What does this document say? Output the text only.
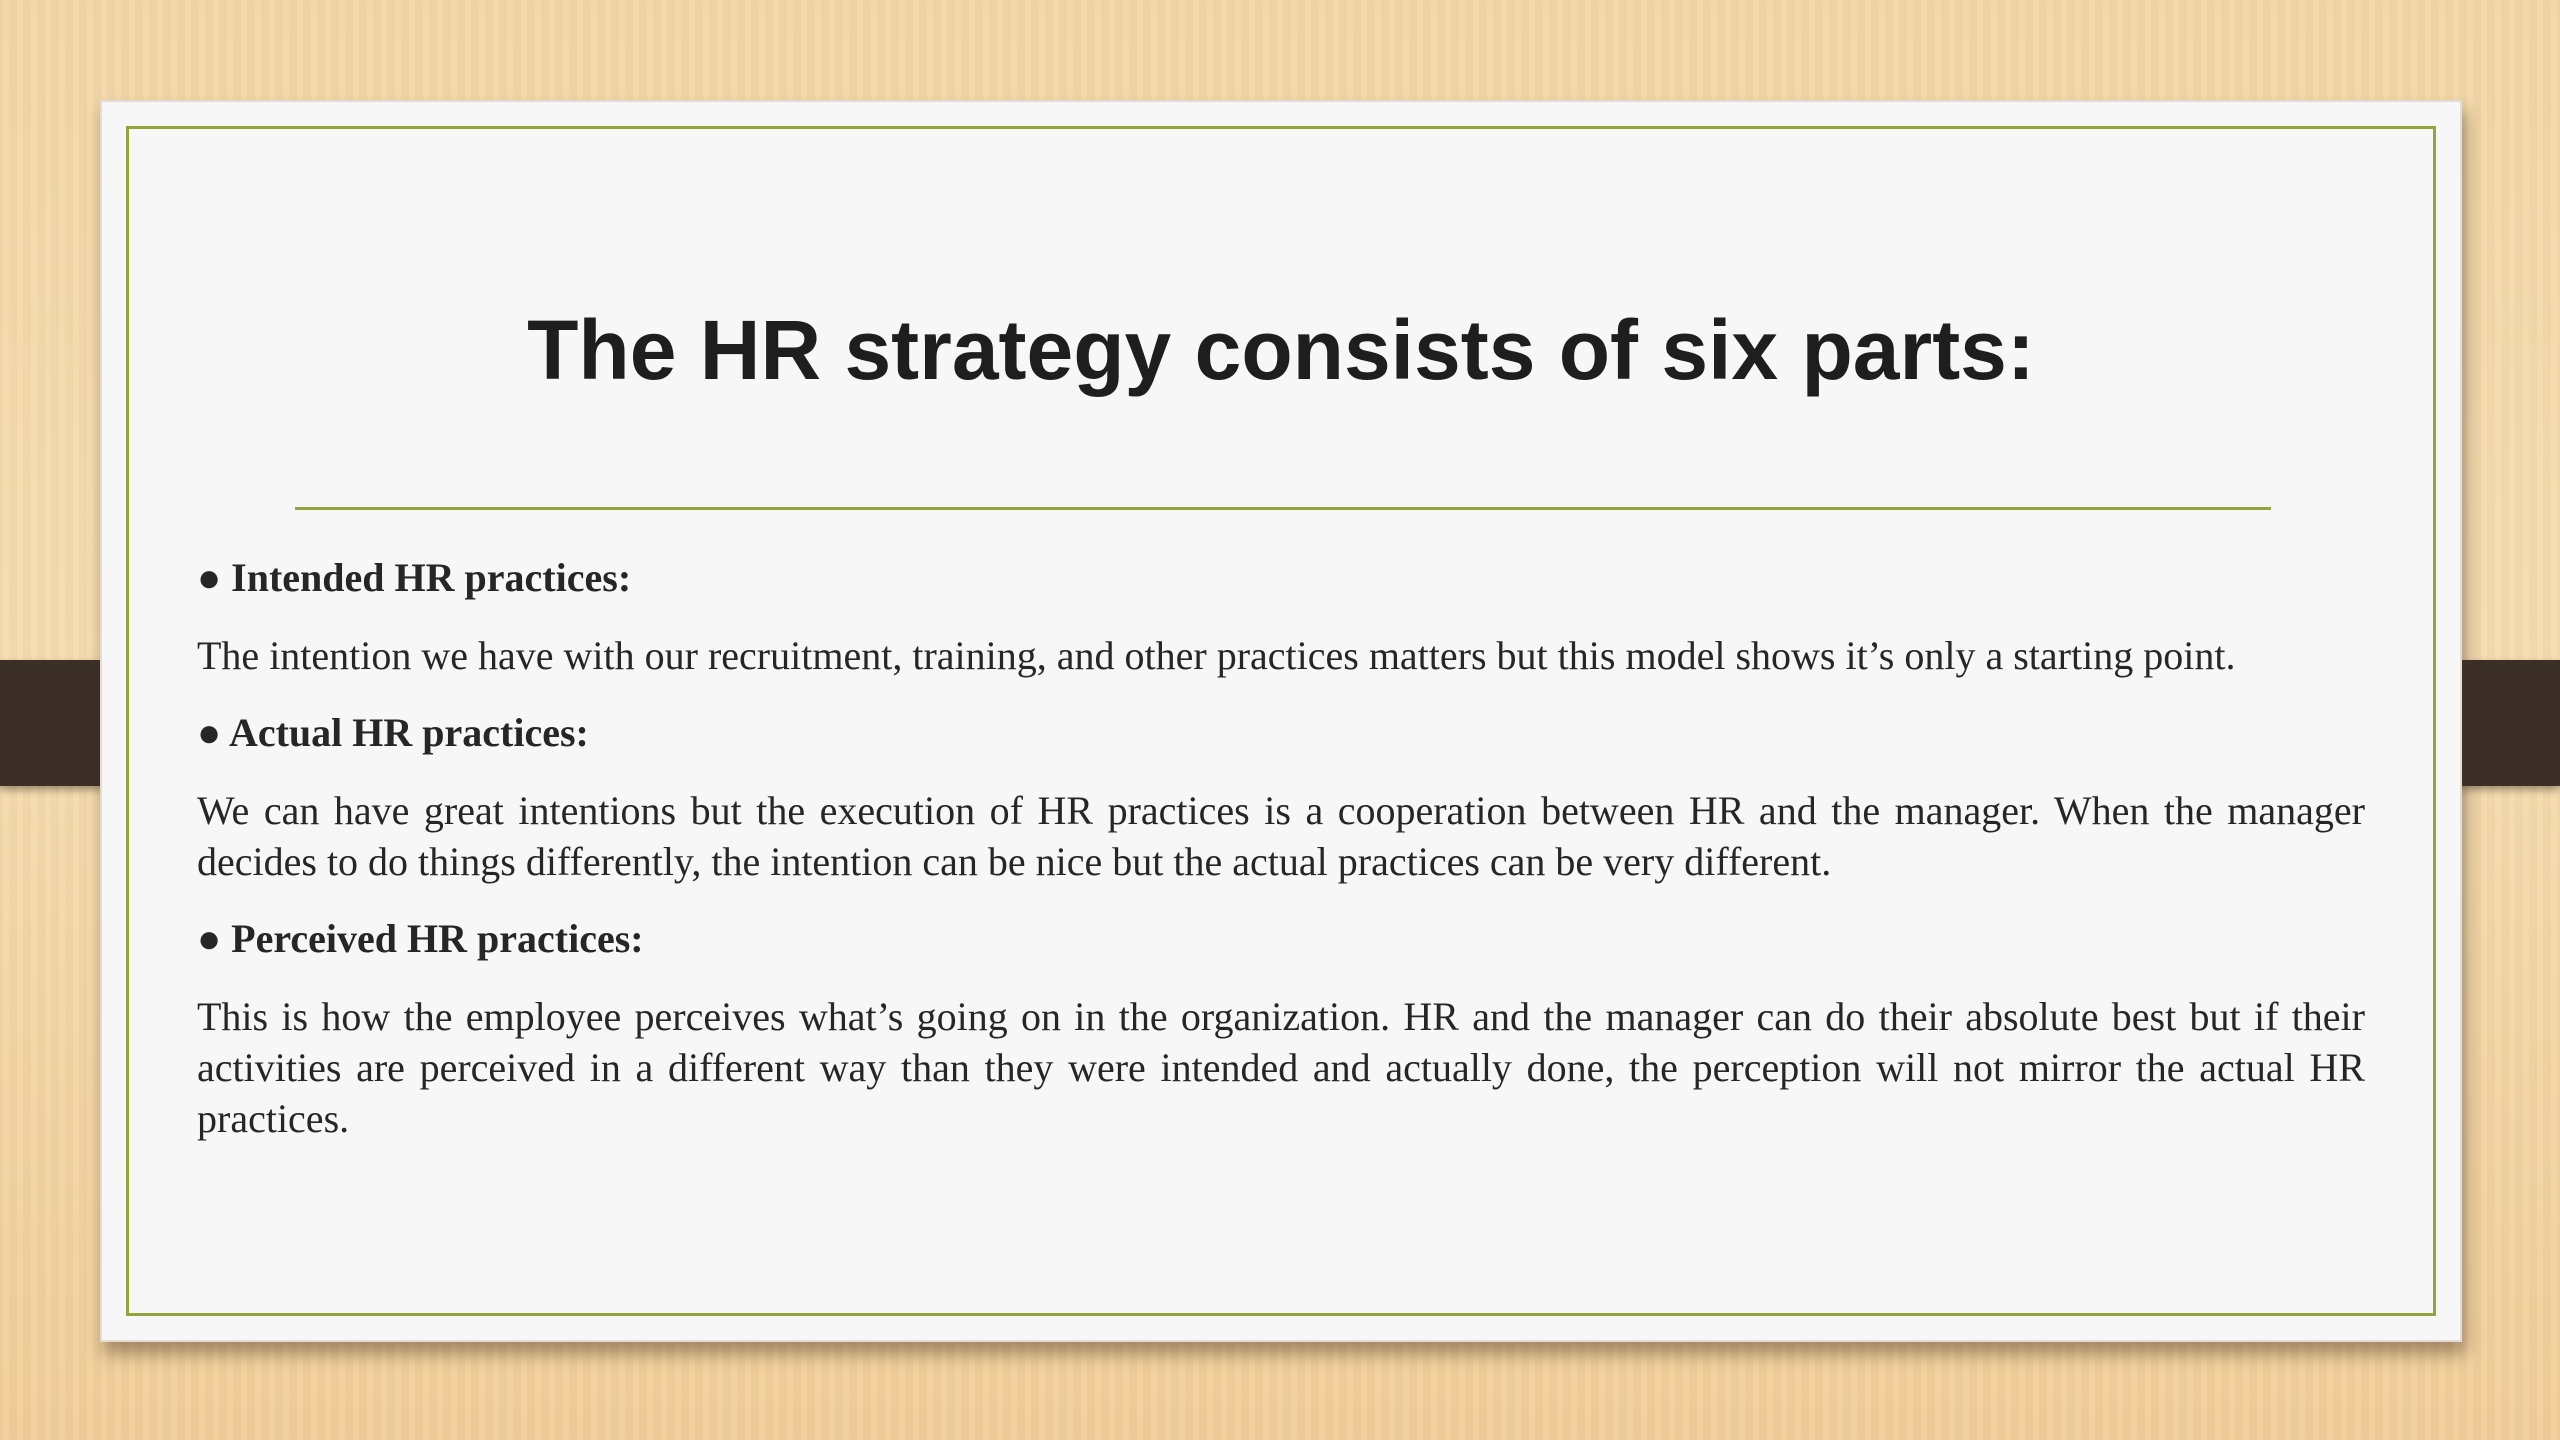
The HR strategy consists of six parts:

● Intended HR practices:

The intention we have with our recruitment, training, and other practices matters but this model shows it’s only a starting point.

● Actual HR practices:

We can have great intentions but the execution of HR practices is a cooperation between HR and the manager. When the manager decides to do things differently, the intention can be nice but the actual practices can be very different.

● Perceived HR practices:

This is how the employee perceives what’s going on in the organization. HR and the manager can do their absolute best but if their activities are perceived in a different way than they were intended and actually done, the perception will not mirror the actual HR practices.
